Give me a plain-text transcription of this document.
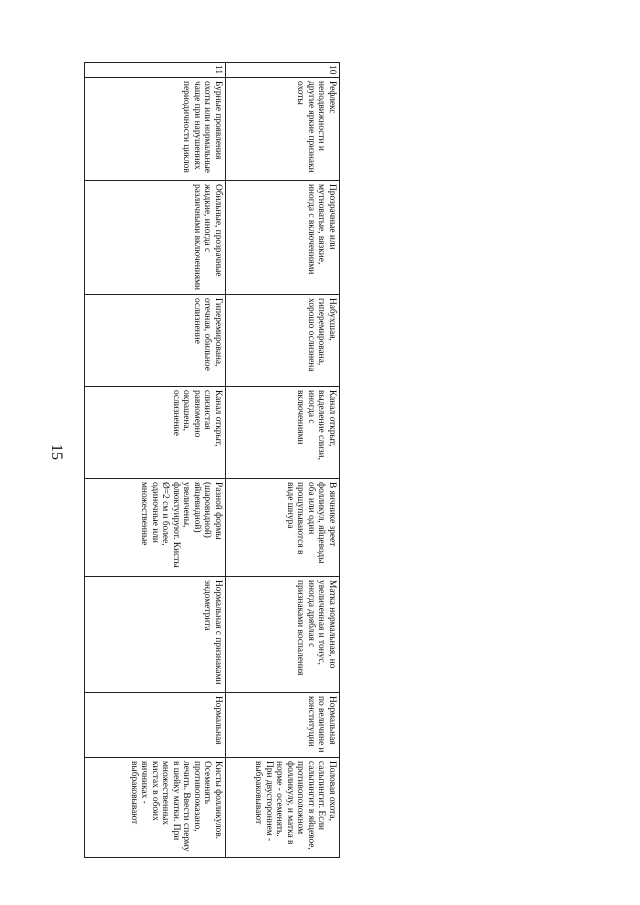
15
10	Рефлекс неподвижности и другие яркие признаки охоты	Прозрачные или мутноватые, вязкие, иногда с включениями	Набухшая, гиперемирована, хорошо ослизнена	Канал открыт, выделение слизи, иногда с включениями	В яичнике зреет фолликул, яйцеводы оба или один прощупываются в виде шнура	Матка нормальная, но увеличенная и тонус, иногда дряблая с признаками воспаления	Нормальная по величине и конституции	Половая охота, сальпингит. Если сальпингит в яйцевое, противоположном фолликулу, и матка в норме - осеменять. При двустороннем - выбраковывают
11	Бурные проявления охоты или нормальные чаще при нарушениях периодичности циклов	Обильные, прозрачные жидкие, иногда с различными включениями	Гиперемирована, отечная, обильное ослизнение	Канал открыт, слизистая равномерно окрашена, ослизнение	Разной формы (шаровидной) яйцевидной) увеличены, флюктуируют. Кисты Ø=2 см и более, одиночные или множественные	Нормальная с признаками эндометрита	Нормальная	Кисты фолликулов. Осеменять противопоказано, лечить. Ввести сперму в шейку матки. При множественных кистах в обоих яичниках - выбраковывают
